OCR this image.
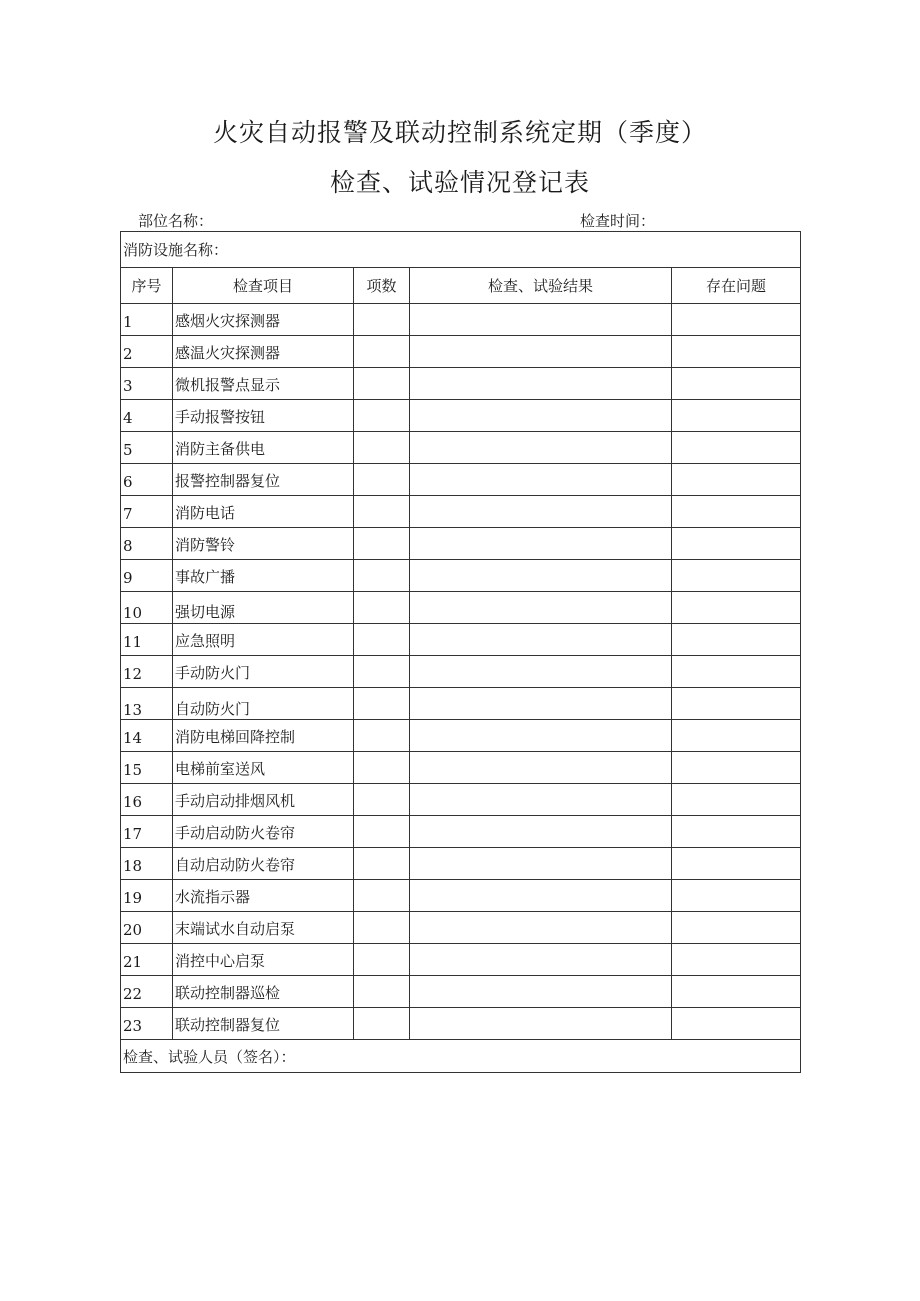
火灾自动报警及联动控制系统定期（季度）
检查、试验情况登记表
部位名称：	检查时间：
消防设施名称：				
序号	检查项目	项数	检查、试验结果	存在问题
1	感烟火灾探测器			
2	感温火灾探测器			
3	微机报警点显示			
4	手动报警按钮			
5	消防主备供电			
6	报警控制器复位			
7	消防电话			
8	消防警铃			
9	事故广播			
10	强切电源			
11	应急照明			
12	手动防火门			
13	自动防火门			
14	消防电梯回降控制			
15	电梯前室送风			
16	手动启动排烟风机			
17	手动启动防火卷帘			
18	自动启动防火卷帘			
19	水流指示器			
20	末端试水自动启泵			
21	消控中心启泵			
22	联动控制器巡检			
23	联动控制器复位			
检查、试验人员（签名）：				
